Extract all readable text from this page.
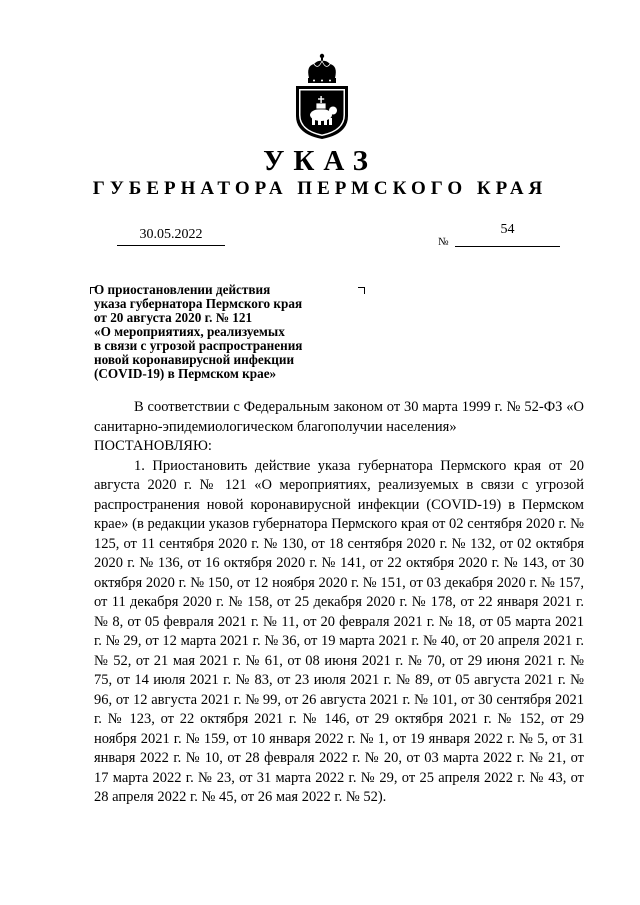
УКАЗ
ГУБЕРНАТОРА ПЕРМСКОГО КРАЯ
30.05.2022	№
54
О приостановлении действия
указа губернатора Пермского края
от 20 августа 2020 г. № 121
«О мероприятиях, реализуемых
в связи с угрозой распространения
новой коронавирусной инфекции
(COVID-19) в Пермском крае»

В соответствии с Федеральным законом от 30 марта 1999 г. № 52-ФЗ «О санитарно-эпидемиологическом благополучии населения»

ПОСТАНОВЛЯЮ:

1. Приостановить действие указа губернатора Пермского края от 20 августа 2020 г. № 121 «О мероприятиях, реализуемых в связи с угрозой распространения новой коронавирусной инфекции (COVID-19) в Пермском крае» (в редакции указов губернатора Пермского края от 02 сентября 2020 г. № 125, от 11 сентября 2020 г. № 130, от 18 сентября 2020 г. № 132, от 02 октября 2020 г. № 136, от 16 октября 2020 г. № 141, от 22 октября 2020 г. № 143, от 30 октября 2020 г. № 150, от 12 ноября 2020 г. № 151, от 03 декабря 2020 г. № 157, от 11 декабря 2020 г. № 158, от 25 декабря 2020 г. № 178, от 22 января 2021 г. № 8, от 05 февраля 2021 г. № 11, от 20 февраля 2021 г. № 18, от 05 марта 2021 г. № 29, от 12 марта 2021 г. № 36, от 19 марта 2021 г. № 40, от 20 апреля 2021 г. № 52, от 21 мая 2021 г. № 61, от 08 июня 2021 г. № 70, от 29 июня 2021 г. № 75, от 14 июля 2021 г. № 83, от 23 июля 2021 г. № 89, от 05 августа 2021 г. № 96, от 12 августа 2021 г. № 99, от 26 августа 2021 г. № 101, от 30 сентября 2021 г. № 123, от 22 октября 2021 г. № 146, от 29 октября 2021 г. № 152, от 29 ноября 2021 г. № 159, от 10 января 2022 г. № 1, от 19 января 2022 г. № 5, от 31 января 2022 г. № 10, от 28 февраля 2022 г. № 20, от 03 марта 2022 г. № 21, от 17 марта 2022 г. № 23, от 31 марта 2022 г. № 29, от 25 апреля 2022 г. № 43, от 28 апреля 2022 г. № 45, от 26 мая 2022 г. № 52).
